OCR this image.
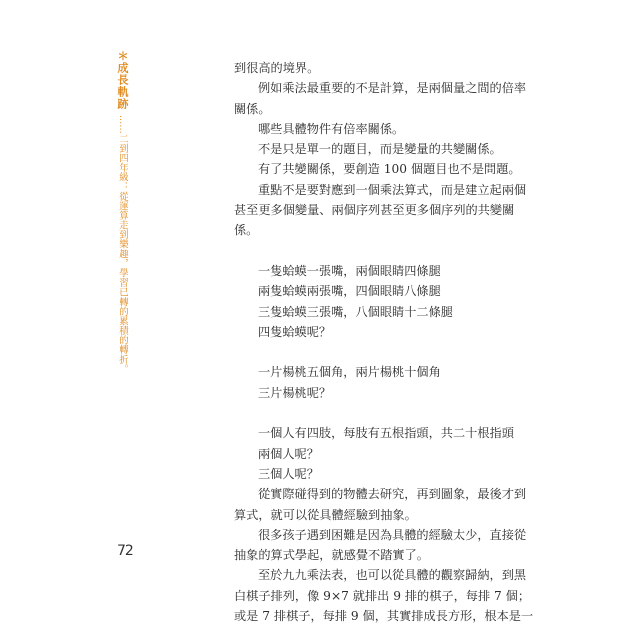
＊成長軌跡 ……二到四年級：從運算走到樂趣，學習已轉的累積的轉折。

到很高的境界。

例如乘法最重要的不是計算，是兩個量之間的倍率

關係。

哪些具體物件有倍率關係。

不是只是單一的題目，而是變量的共變關係。

有了共變關係，要創造 100 個題目也不是問題。

重點不是要對應到一個乘法算式，而是建立起兩個

甚至更多個變量、兩個序列甚至更多個序列的共變關

係。

一隻蛤蟆一張嘴，兩個眼睛四條腿

兩隻蛤蟆兩張嘴，四個眼睛八條腿

三隻蛤蟆三張嘴，八個眼睛十二條腿

四隻蛤蟆呢？

一片楊桃五個角，兩片楊桃十個角

三片楊桃呢？

一個人有四肢，每肢有五根指頭，共二十根指頭

兩個人呢？

三個人呢？

從實際碰得到的物體去研究，再到圖象，最後才到

算式，就可以從具體經驗到抽象。

很多孩子遇到困難是因為具體的經驗太少，直接從

抽象的算式學起，就感覺不踏實了。

至於九九乘法表，也可以從具體的觀察歸納，到黑

白棋子排列，像 9×7 就排出 9 排的棋子，每排 7 個；

或是 7 排棋子，每排 9 個，其實排成長方形，根本是一

72
